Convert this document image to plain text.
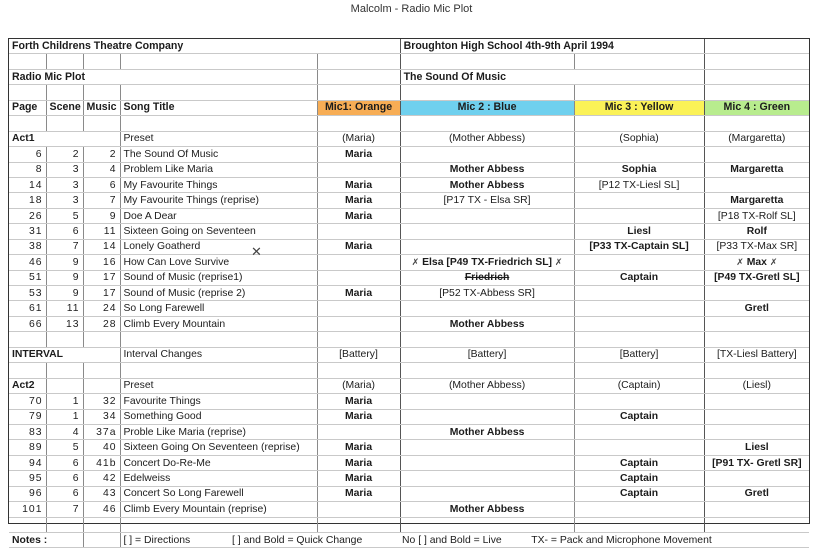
Malcolm - Radio Mic Plot
Forth Childrens Theatre Company					Broughton High School 4th-9th April 1994		

Radio Mic Plot					The Sound Of Music		

Page	Scene	Music	Song Title	Mic1: Orange	Mic 2 : Blue	Mic 3 : Yellow	Mic 4 : Green

Act1			Preset	(Maria)	(Mother Abbess)	(Sophia)	(Margaretta)
6	2	2	The Sound Of Music	Maria			
8	3	4	Problem Like Maria		Mother Abbess	Sophia	Margaretta
14	3	6	My Favourite Things	Maria	Mother Abbess	[P12 TX-Liesl SL]	
18	3	7	My Favourite Things (reprise)	Maria	[P17 TX - Elsa SR]		Margaretta
26	5	9	Doe A Dear	Maria			[P18 TX-Rolf SL]
31	6	11	Sixteen Going on Seventeen			Liesl	Rolf
38	7	14	Lonely Goatherd	Maria		[P33 TX-Captain SL]	[P33 TX-Max SR]
46	9	16	How Can Love Survive		✗ Elsa [P49 TX-Friedrich SL] ✗		✗ Max ✗
51	9	17	Sound of Music (reprise1)		Friedrich	Captain	[P49 TX-Gretl SL]
53	9	17	Sound of Music (reprise 2)	Maria	[P52 TX-Abbess SR]		
61	11	24	So Long Farewell				Gretl
66	13	28	Climb Every Mountain		Mother Abbess		

INTERVAL			Interval Changes	[Battery]	[Battery]	[Battery]	[TX-Liesl Battery]

Act2			Preset	(Maria)	(Mother Abbess)	(Captain)	(Liesl)
70	1	32	Favourite Things	Maria			
79	1	34	Something Good	Maria		Captain	
83	4	37a	Proble Like Maria (reprise)		Mother Abbess		
89	5	40	Sixteen Going On Seventeen (reprise)	Maria			Liesl
94	6	41b	Concert Do-Re-Me	Maria		Captain	[P91 TX- Gretl SR]
95	6	42	Edelweiss	Maria		Captain	
96	6	43	Concert So Long Farewell	Maria		Captain	Gretl
101	7	46	Climb Every Mountain (reprise)		Mother Abbess		

Notes :			[ ] = Directions [ ] and Bold = Quick Change No [ ] and Bold = Live TX- = Pack and Microphone Movement				
✕
